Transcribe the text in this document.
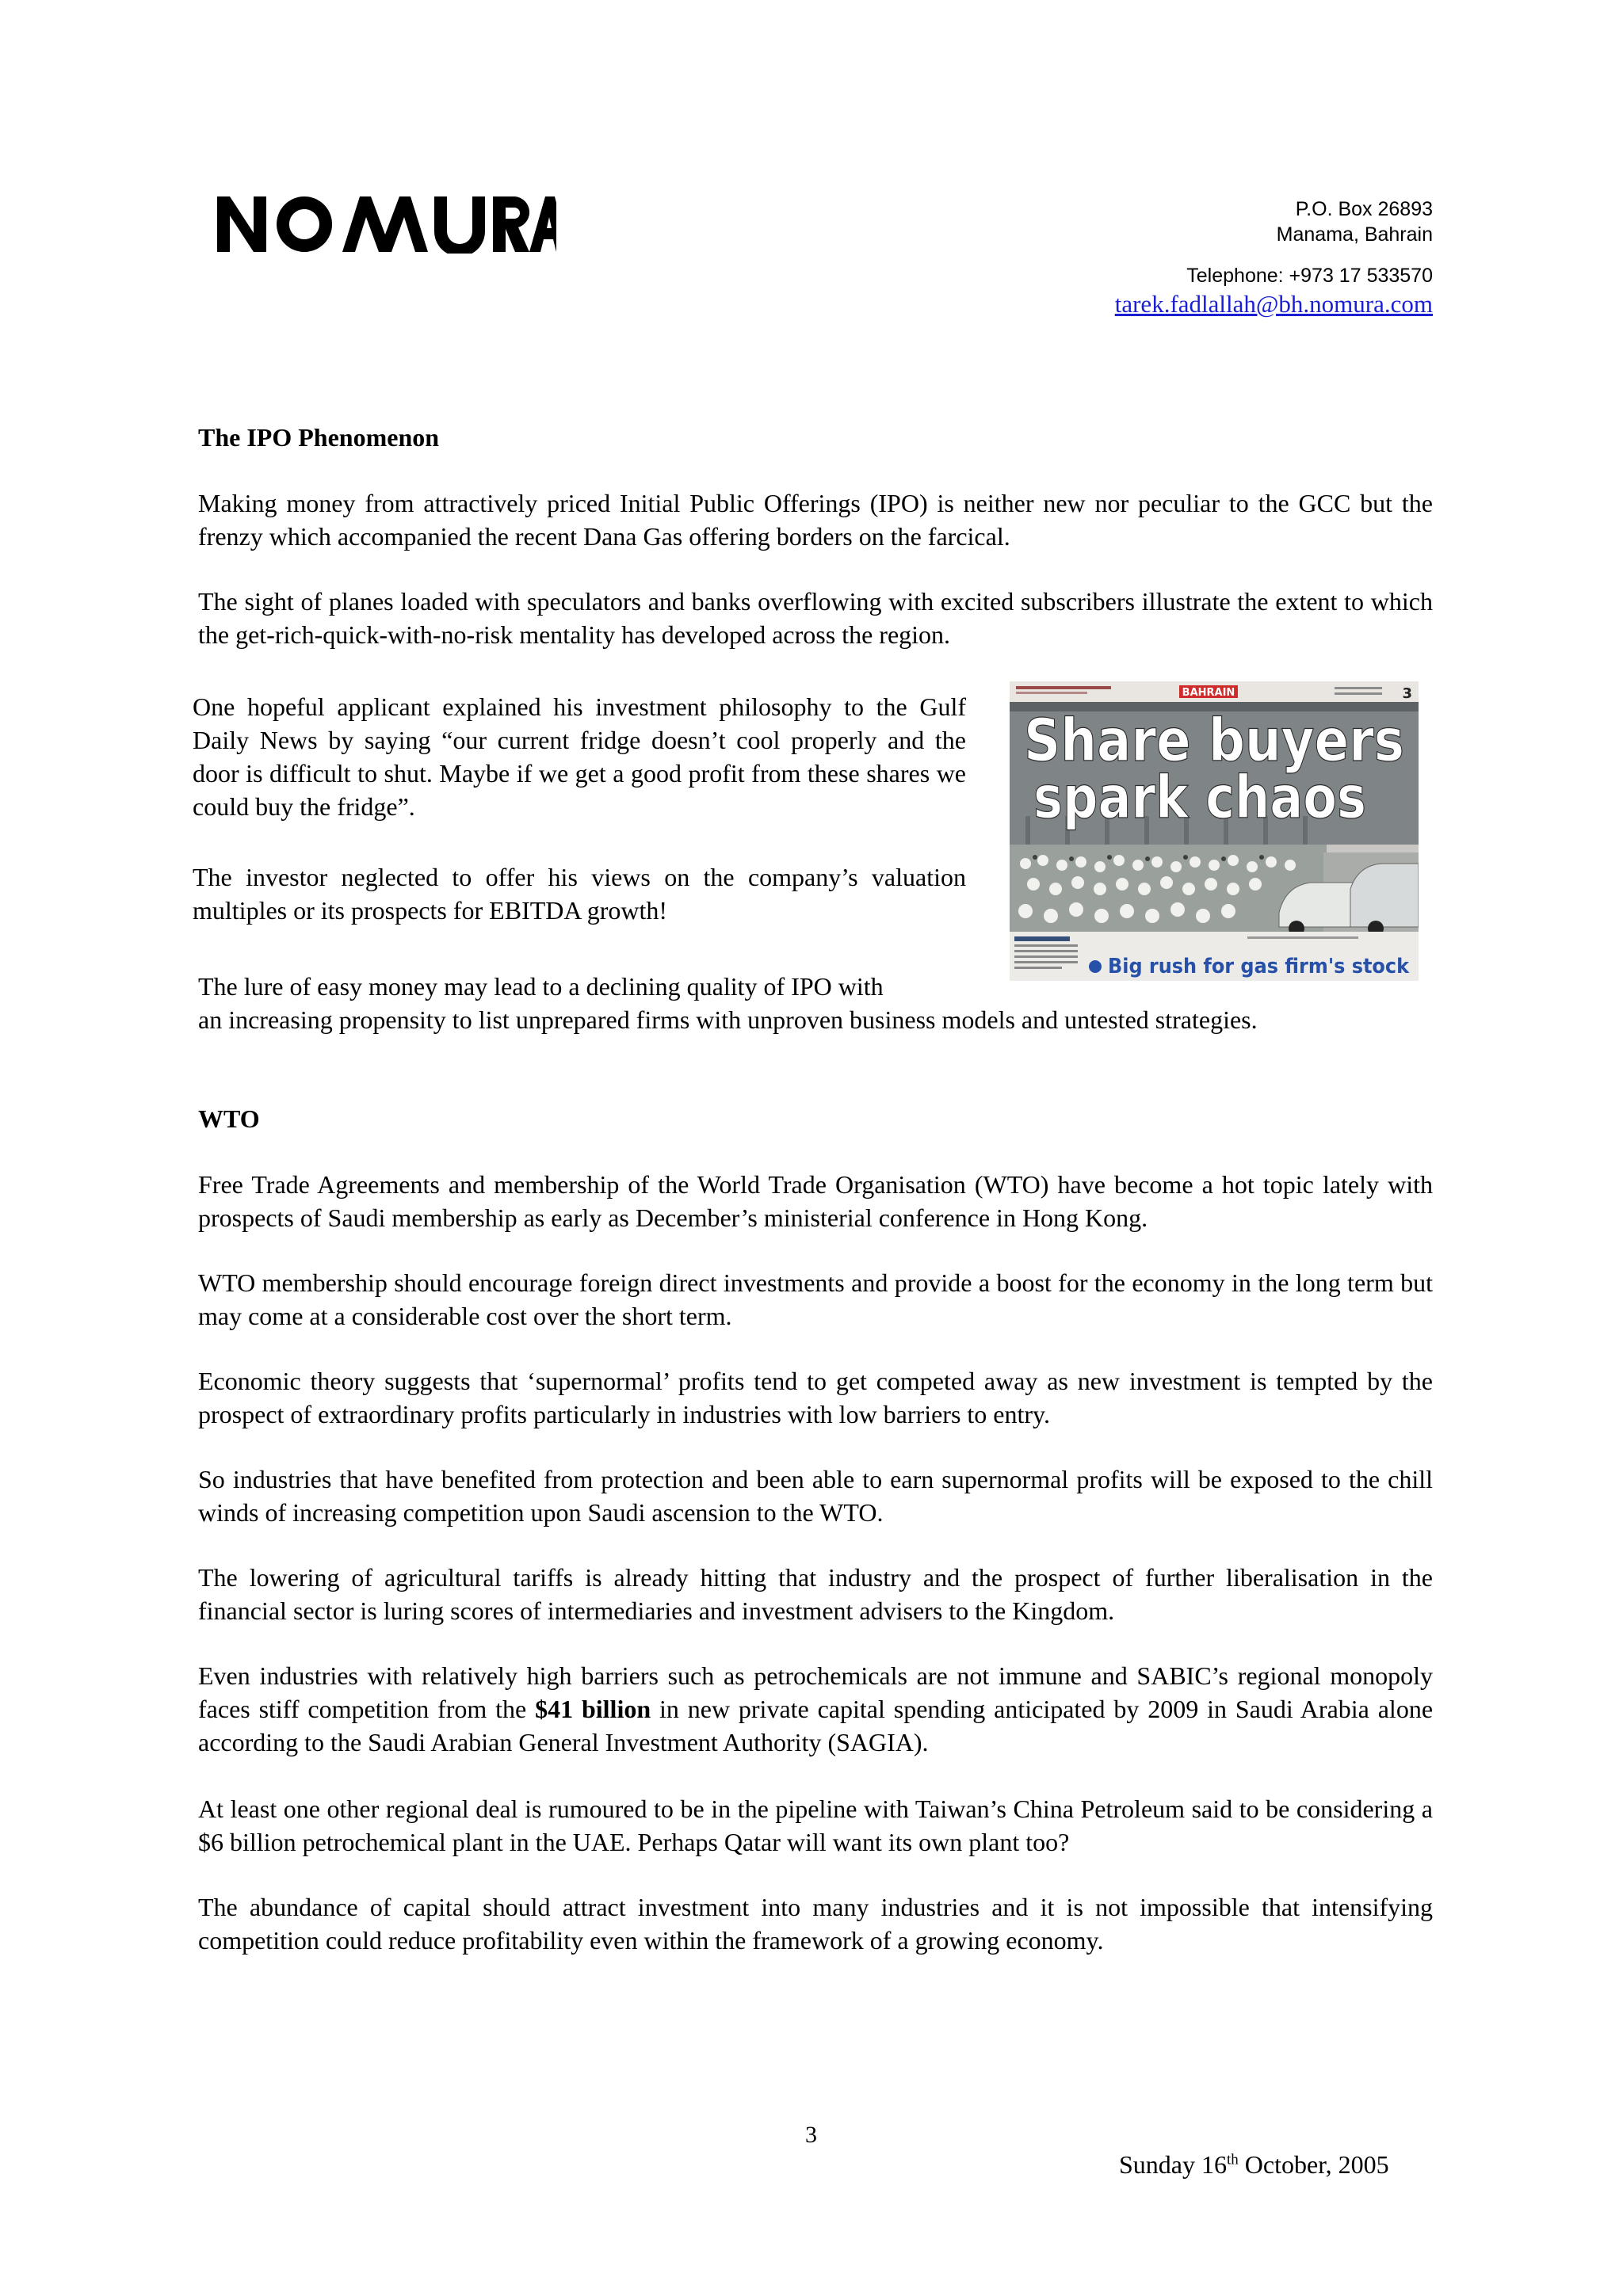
P.O. Box 26893
Manama, Bahrain
Telephone: +973 17 533570
tarek.fadlallah@bh.nomura.com
The IPO Phenomenon
Making money from attractively priced Initial Public Offerings (IPO) is neither new nor peculiar to the GCC but the frenzy which accompanied the recent Dana Gas offering borders on the farcical.
The sight of planes loaded with speculators and banks overflowing with excited subscribers illustrate the extent to which the get-rich-quick-with-no-risk mentality has developed across the region.
One hopeful applicant explained his investment philosophy to the Gulf Daily News by saying “our current fridge doesn’t cool properly and the door is difficult to shut. Maybe if we get a good profit from these shares we could buy the fridge”.
The investor neglected to offer his views on the company’s valuation multiples or its prospects for EBITDA growth!
The lure of easy money may lead to a declining quality of IPO with
an increasing propensity to list unprepared firms with unproven business models and untested strategies.
BAHRAIN	3
Share buyers
spark chaos
Big rush for gas firm's stock
WTO
Free Trade Agreements and membership of the World Trade Organisation (WTO) have become a hot topic lately with prospects of Saudi membership as early as December’s ministerial conference in Hong Kong.
WTO membership should encourage foreign direct investments and provide a boost for the economy in the long term but may come at a considerable cost over the short term.
Economic theory suggests that ‘supernormal’ profits tend to get competed away as new investment is tempted by the prospect of extraordinary profits particularly in industries with low barriers to entry.
So industries that have benefited from protection and been able to earn supernormal profits will be exposed to the chill winds of increasing competition upon Saudi ascension to the WTO.
The lowering of agricultural tariffs is already hitting that industry and the prospect of further liberalisation in the financial sector is luring scores of intermediaries and investment advisers to the Kingdom.
Even industries with relatively high barriers such as petrochemicals are not immune and SABIC’s regional monopoly faces stiff competition from the $41 billion in new private capital spending anticipated by 2009 in Saudi Arabia alone according to the Saudi Arabian General Investment Authority (SAGIA).
At least one other regional deal is rumoured to be in the pipeline with Taiwan’s China Petroleum said to be considering a $6 billion petrochemical plant in the UAE. Perhaps Qatar will want its own plant too?
The abundance of capital should attract investment into many industries and it is not impossible that intensifying competition could reduce profitability even within the framework of a growing economy.
3
Sunday 16th October, 2005
